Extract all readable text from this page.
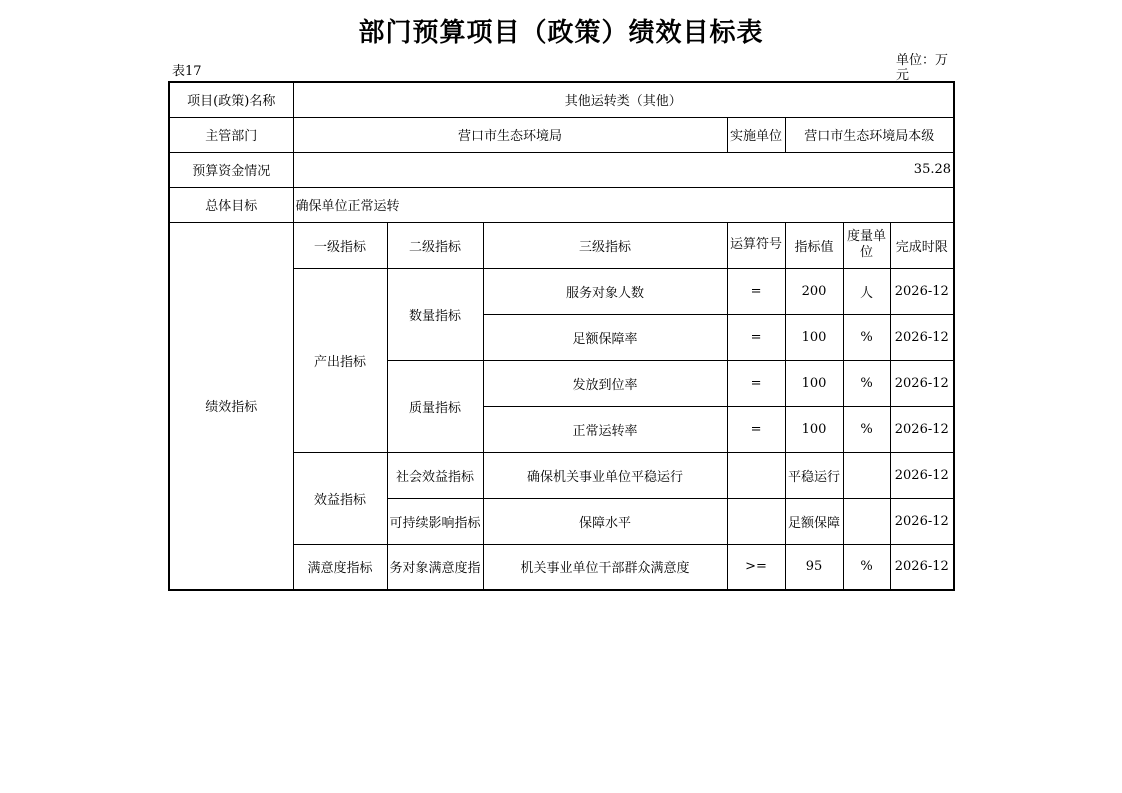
部门预算项目（政策）绩效目标表
表17
单位：万元
项目(政策)名称	其他运转类（其他）						
主管部门	营口市生态环境局			实施单位	营口市生态环境局本级		
预算资金情况	35.28						
总体目标	确保单位正常运转						
绩效指标	一级指标	二级指标	三级指标	运算符号	指标值	度量单位	完成时限
	产出指标	数量指标	服务对象人数	=	200	人	2026-12
			足额保障率	=	100	%	2026-12
		质量指标	发放到位率	=	100	%	2026-12
			正常运转率	=	100	%	2026-12
	效益指标	社会效益指标	确保机关事业单位平稳运行		平稳运行		2026-12
		可持续影响指标	保障水平		足额保障		2026-12
	满意度指标	务对象满意度指	机关事业单位干部群众满意度	>=	95	%	2026-12
